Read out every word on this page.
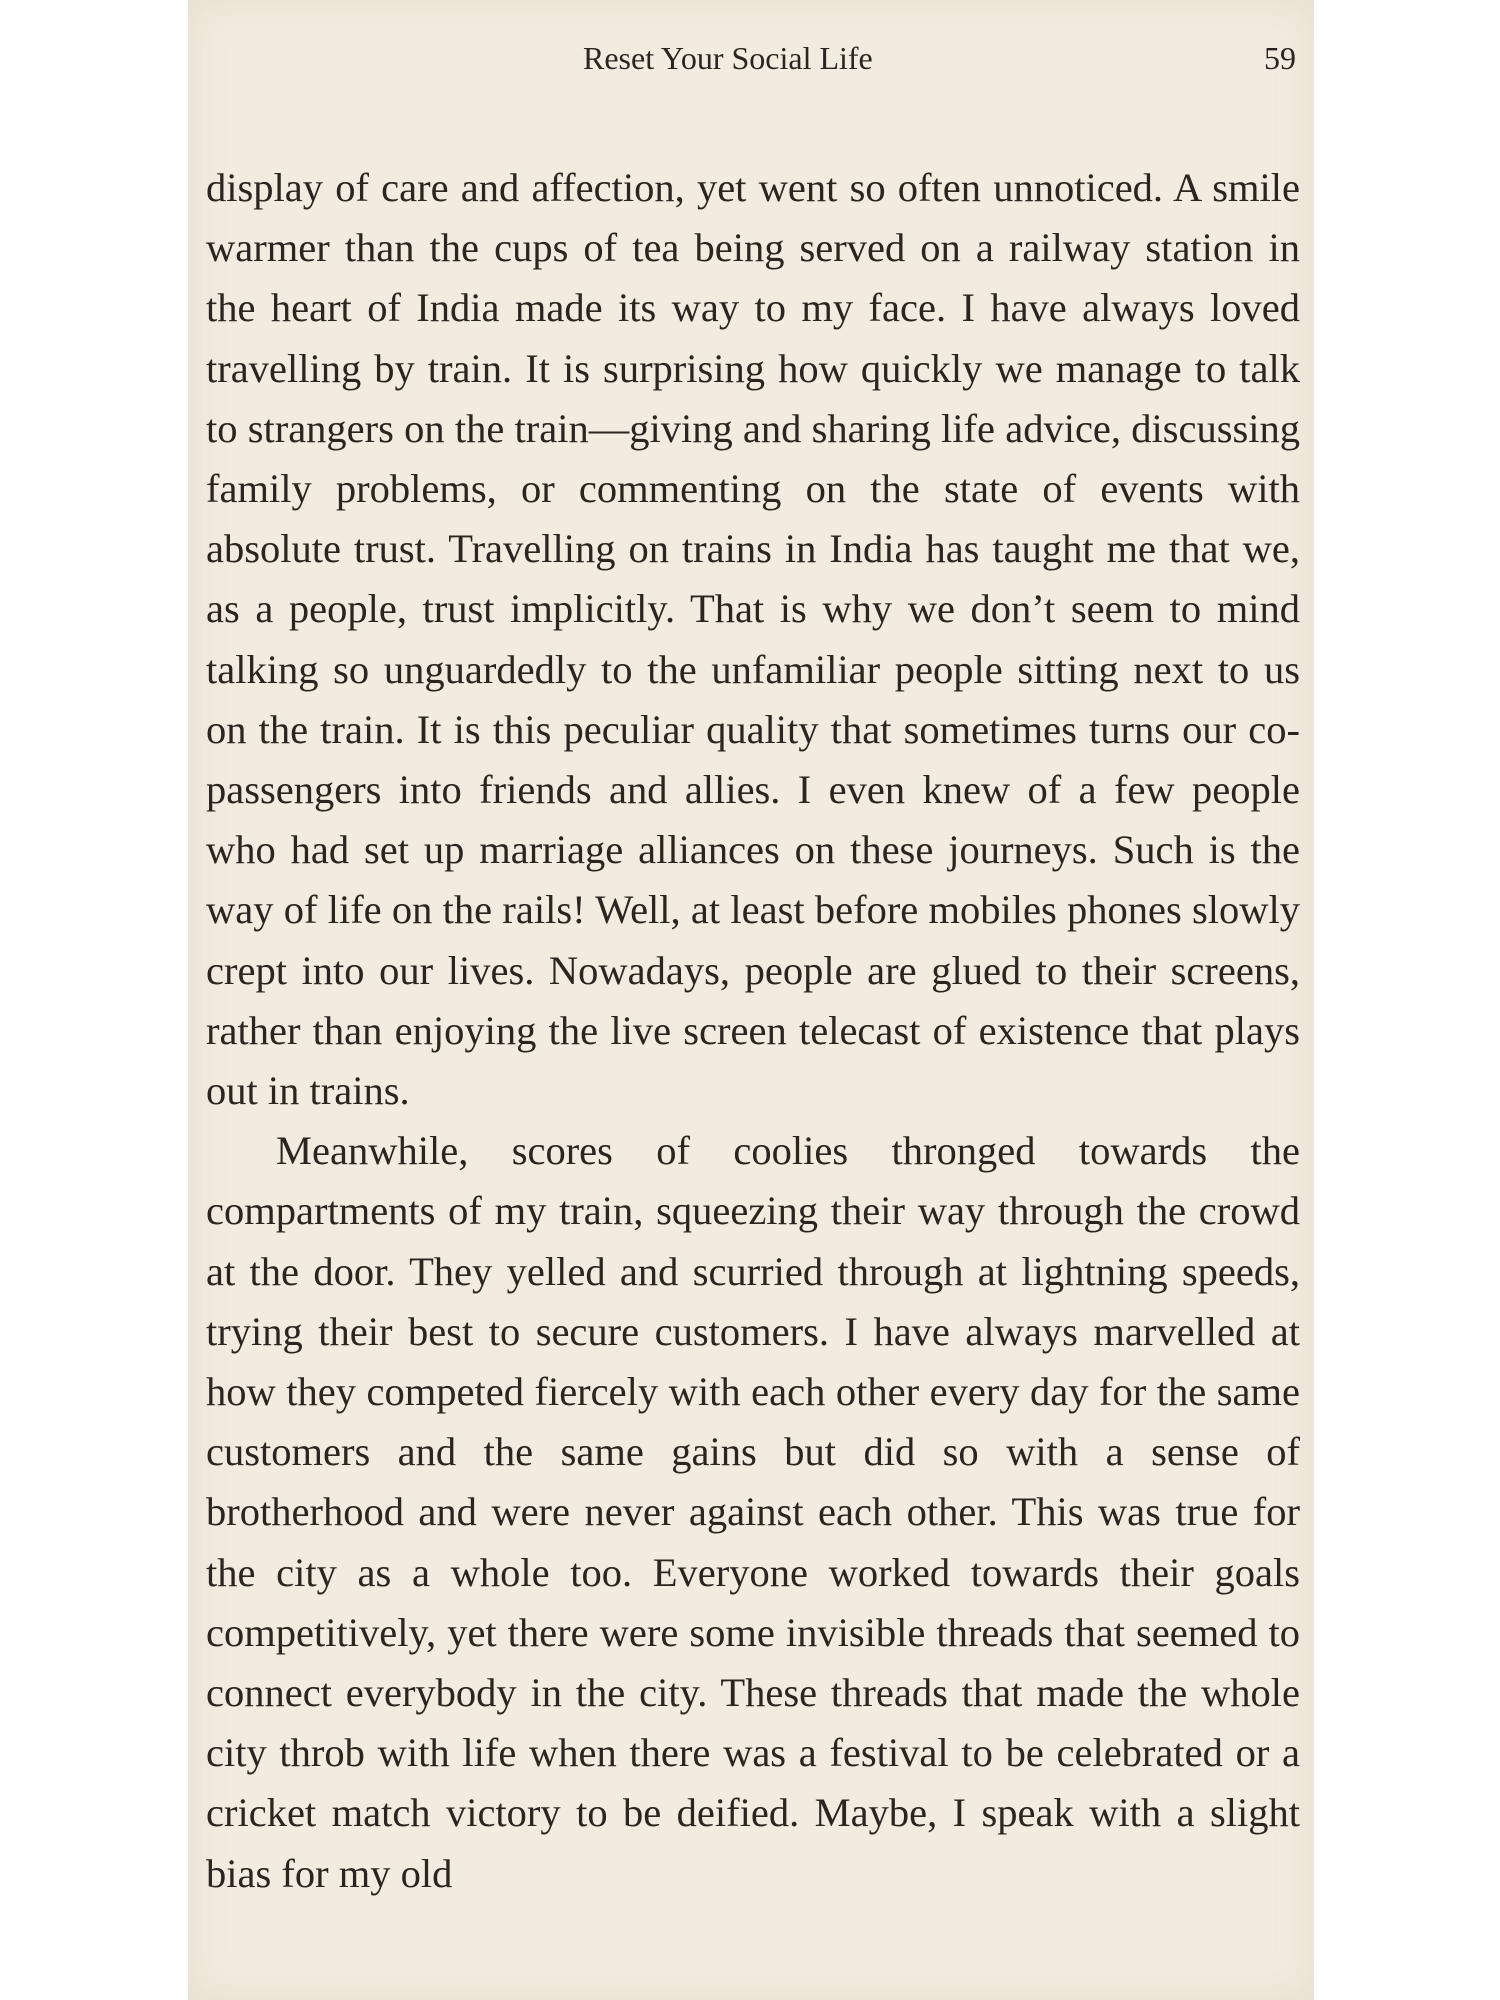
Reset Your Social Life	59

display of care and affection, yet went so often unnoticed. A smile warmer than the cups of tea being served on a railway station in the heart of India made its way to my face. I have always loved travelling by train. It is surprising how quickly we manage to talk to strangers on the train—giving and sharing life advice, discussing family problems, or commenting on the state of events with absolute trust. Travelling on trains in India has taught me that we, as a people, trust implicitly. That is why we don’t seem to mind talking so unguardedly to the unfamiliar people sitting next to us on the train. It is this peculiar quality that sometimes turns our co-passengers into friends and allies. I even knew of a few people who had set up marriage alliances on these journeys. Such is the way of life on the rails! Well, at least before mobiles phones slowly crept into our lives. Nowadays, people are glued to their screens, rather than enjoying the live screen telecast of existence that plays out in trains.

Meanwhile, scores of coolies thronged towards the compartments of my train, squeezing their way through the crowd at the door. They yelled and scurried through at lightning speeds, trying their best to secure customers. I have always marvelled at how they competed fiercely with each other every day for the same customers and the same gains but did so with a sense of brotherhood and were never against each other. This was true for the city as a whole too. Everyone worked towards their goals competitively, yet there were some invisible threads that seemed to connect everybody in the city. These threads that made the whole city throb with life when there was a festival to be celebrated or a cricket match victory to be deified. Maybe, I speak with a slight bias for my old
